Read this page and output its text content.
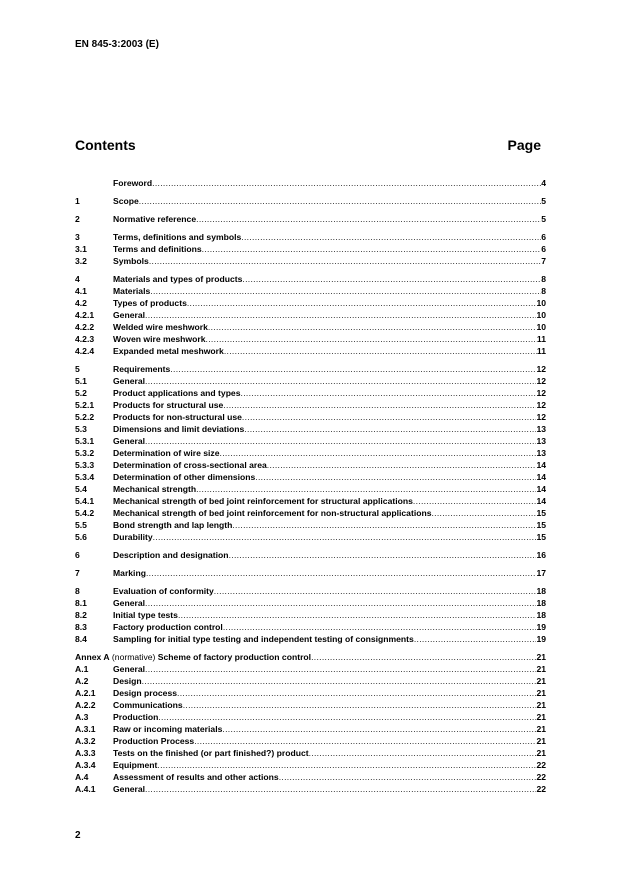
EN 845-3:2003 (E)
Contents	Page
Foreword .....	4
1	Scope .....	5
2	Normative reference .....	5
3	Terms, definitions and symbols .....	6
3.1	Terms and definitions .....	6
3.2	Symbols .....	7
4	Materials and types of products .....	8
4.1	Materials .....	8
4.2	Types of products .....	10
4.2.1	General .....	10
4.2.2	Welded wire meshwork .....	10
4.2.3	Woven wire meshwork .....	11
4.2.4	Expanded metal meshwork .....	11
5	Requirements .....	12
5.1	General .....	12
5.2	Product applications and types .....	12
5.2.1	Products for structural use .....	12
5.2.2	Products for non-structural use .....	12
5.3	Dimensions and limit deviations .....	13
5.3.1	General .....	13
5.3.2	Determination of wire size .....	13
5.3.3	Determination of cross-sectional area .....	14
5.3.4	Determination of other dimensions .....	14
5.4	Mechanical strength .....	14
5.4.1	Mechanical strength of bed joint reinforcement for structural applications .....	14
5.4.2	Mechanical strength of bed joint reinforcement for non-structural applications .....	15
5.5	Bond strength and lap length .....	15
5.6	Durability .....	15
6	Description and designation .....	16
7	Marking .....	17
8	Evaluation of conformity .....	18
8.1	General .....	18
8.2	Initial type tests .....	18
8.3	Factory production control .....	19
8.4	Sampling for initial type testing and independent testing of consignments .....	19
Annex A (normative) Scheme of factory production control .....	21
A.1	General .....	21
A.2	Design .....	21
A.2.1	Design process .....	21
A.2.2	Communications .....	21
A.3	Production .....	21
A.3.1	Raw or incoming materials .....	21
A.3.2	Production Process .....	21
A.3.3	Tests on the finished (or part finished?) product .....	21
A.3.4	Equipment .....	22
A.4	Assessment of results and other actions .....	22
A.4.1	General .....	22
2
